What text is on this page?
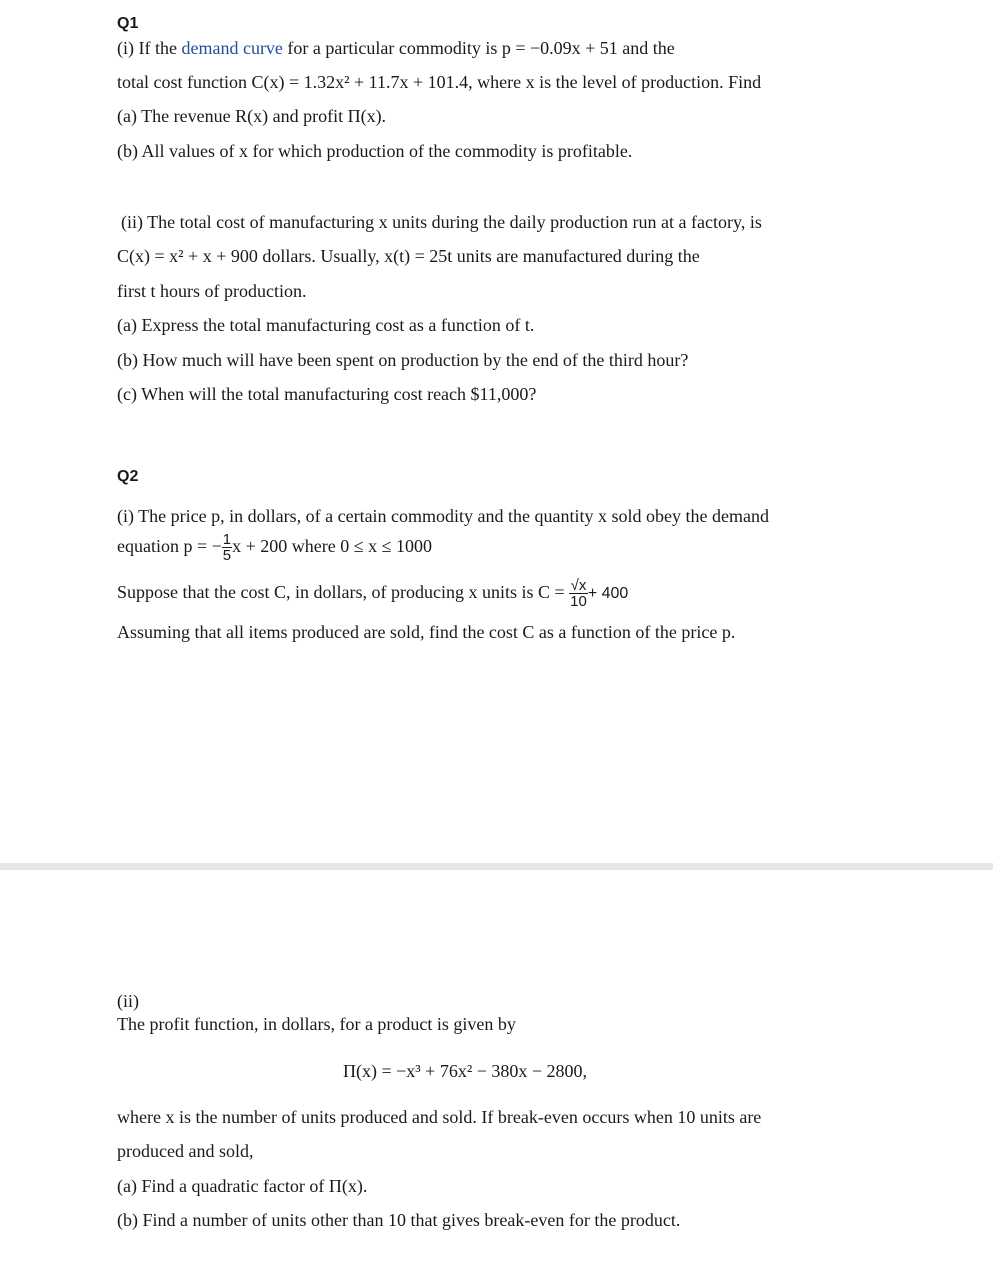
Q1
(i) If the demand curve for a particular commodity is p = −0.09x + 51 and the
total cost function C(x) = 1.32x² + 11.7x + 101.4, where x is the level of production. Find
(a) The revenue R(x) and profit Π(x).
(b) All values of x for which production of the commodity is profitable.
(ii) The total cost of manufacturing x units during the daily production run at a factory, is
C(x) = x² + x + 900 dollars. Usually, x(t) = 25t units are manufactured during the
first t hours of production.
(a) Express the total manufacturing cost as a function of t.
(b) How much will have been spent on production by the end of the third hour?
(c) When will the total manufacturing cost reach $11,000?
Q2
(i) The price p, in dollars, of a certain commodity and the quantity x sold obey the demand
equation p = − $\frac{1}{5}$ x + 200 where 0 ≤ x ≤ 1000
Suppose that the cost C, in dollars, of producing x units is $C = \frac{√x}{10} + 400$
Assuming that all items produced are sold, find the cost C as a function of the price p.
(ii)
The profit function, in dollars, for a product is given by
Π(x) = −x³ + 76x² − 380x − 2800,
where x is the number of units produced and sold. If break-even occurs when 10 units are
produced and sold,
(a) Find a quadratic factor of Π(x).
(b) Find a number of units other than 10 that gives break-even for the product.
